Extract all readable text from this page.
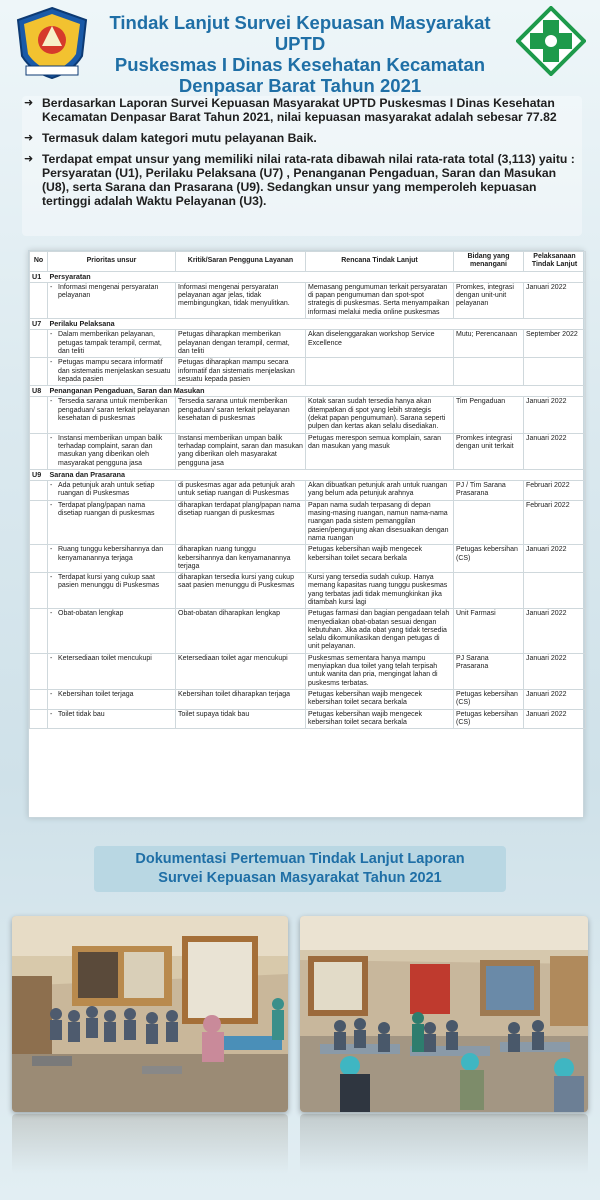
Tindak Lanjut Survei Kepuasan Masyarakat UPTD
Puskesmas I Dinas Kesehatan Kecamatan
Denpasar Barat Tahun 2021
➜ Berdasarkan Laporan Survei Kepuasan Masyarakat UPTD Puskesmas I Dinas Kesehatan Kecamatan Denpasar Barat Tahun 2021, nilai kepuasan masyarakat adalah sebesar 77.82
➜ Termasuk dalam kategori mutu pelayanan Baik.
➜ Terdapat empat unsur yang memiliki nilai rata-rata dibawah nilai rata-rata total (3,113) yaitu : Persyaratan (U1), Perilaku Pelaksana (U7) , Penanganan Pengaduan, Saran dan Masukan (U8), serta Sarana dan Prasarana (U9). Sedangkan unsur yang memperoleh kepuasan tertinggi adalah Waktu Pelayanan (U3).
No	Prioritas unsur	Kritik/Saran Pengguna Layanan	Rencana Tindak Lanjut	Bidang yang menangani	Pelaksanaan Tindak Lanjut
U1	Persyaratan				
	- Informasi mengenai persyaratan pelayanan	Informasi mengenai persyaratan pelayanan agar jelas, tidak membingungkan, tidak menyulitkan.	Memasang pengumuman terkait persyaratan di papan pengumuman dan spot-spot strategis di puskesmas. Serta menyampaikan informasi melalui media online puskesmas	Promkes, integrasi dengan unit-unit pelayanan	Januari 2022
U7	Perilaku Pelaksana				
	- Dalam memberikan pelayanan, petugas tampak terampil, cermat, dan teliti	Petugas diharapkan memberikan pelayanan dengan terampil, cermat, dan teliti	Akan diselenggarakan workshop Service Excellence	Mutu; Perencanaan	September 2022
	- Petugas mampu secara informatif dan sistematis menjelaskan sesuatu kepada pasien	Petugas diharapkan mampu secara informatif dan sistematis menjelaskan sesuatu kepada pasien			
U8	Penanganan Pengaduan, Saran dan Masukan				
	- Tersedia sarana untuk memberikan pengaduan/ saran terkait pelayanan kesehatan di puskesmas	Tersedia sarana untuk memberikan pengaduan/ saran terkait pelayanan kesehatan di puskesmas	Kotak saran sudah tersedia hanya akan ditempatkan di spot yang lebih strategis (dekat papan pengumuman). Sarana seperti pulpen dan kertas akan selalu disediakan.	Tim Pengaduan	Januari 2022
	- Instansi memberikan umpan balik terhadap complaint, saran dan masukan yang diberikan oleh masyarakat pengguna jasa	Instansi memberikan umpan balik terhadap complaint, saran dan masukan yang diberikan oleh masyarakat pengguna jasa	Petugas merespon semua komplain, saran dan masukan yang masuk	Promkes integrasi dengan unit terkait	Januari 2022
U9	Sarana dan Prasarana				
	- Ada petunjuk arah untuk setiap ruangan di Puskesmas	di puskesmas agar ada petunjuk arah untuk setiap ruangan di Puskesmas	Akan dibuatkan petunjuk arah untuk ruangan yang belum ada petunjuk arahnya	PJ / Tim Sarana Prasarana	Februari 2022
	- Terdapat plang/papan nama disetiap ruangan di puskesmas	diharapkan terdapat plang/papan nama disetiap ruangan di puskesmas	Papan nama sudah terpasang di depan masing-masing ruangan, namun nama-nama ruangan pada sistem pemanggilan pasien/pengunjung akan disesuaikan dengan nama ruangan		Februari 2022
	- Ruang tunggu kebersihannya dan kenyamanannya terjaga	diharapkan ruang tunggu kebersihannya dan kenyamanannya terjaga	Petugas kebersihan wajib mengecek kebersihan toilet secara berkala	Petugas kebersihan (CS)	Januari 2022
	- Terdapat kursi yang cukup saat pasien menunggu di Puskesmas	diharapkan tersedia kursi yang cukup saat pasien menunggu di Puskesmas	Kursi yang tersedia sudah cukup. Hanya memang kapasitas ruang tunggu puskesmas yang terbatas jadi tidak memungkinkan jika ditambah kursi lagi		
	- Obat-obatan lengkap	Obat-obatan diharapkan lengkap	Petugas farmasi dan bagian pengadaan telah menyediakan obat-obatan sesuai dengan kebutuhan. Jika ada obat yang tidak tersedia selalu dikomunikasikan dengan petugas di unit pelayanan.	Unit Farmasi	Januari 2022
	- Ketersediaan toilet mencukupi	Ketersediaan toilet agar mencukupi	Puskesmas sementara hanya mampu menyiapkan dua toilet yang telah terpisah untuk wanita dan pria, mengingat lahan di puskesms terbatas.	PJ Sarana Prasarana	Januari 2022
	- Kebersihan toilet terjaga	Kebersihan toilet diharapkan terjaga	Petugas kebersihan wajib mengecek kebersihan toilet secara berkala	Petugas kebersihan (CS)	Januari 2022
	- Toilet tidak bau	Toilet supaya tidak bau	Petugas kebersihan wajib mengecek kebersihan toilet secara berkala	Petugas kebersihan (CS)	Januari 2022
Dokumentasi Pertemuan Tindak Lanjut Laporan
Survei Kepuasan Masyarakat Tahun 2021
